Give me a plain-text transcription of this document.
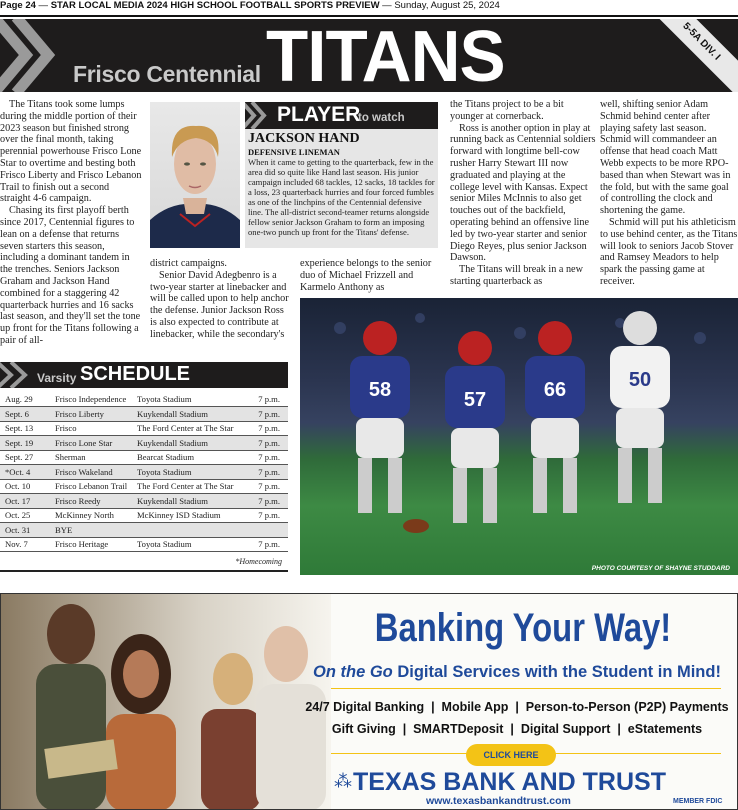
Page 24 — STAR LOCAL MEDIA 2024 HIGH SCHOOL FOOTBALL SPORTS PREVIEW — Sunday, August 25, 2024
Frisco Centennial TITANS	5-5A DIV. I

The Titans took some lumps during the middle portion of their 2023 season but finished strong over the final month, taking perennial powerhouse Frisco Lone Star to overtime and besting both Frisco Liberty and Frisco Lebanon Trail to finish out a second straight 4-6 campaign.

Chasing its first playoff berth since 2017, Centennial figures to lean on a defense that returns seven starters this season, including a dominant tandem in the trenches. Seniors Jackson Graham and Jackson Hand combined for a staggering 42 quarterback hurries and 16 sacks last season, and they'll set the tone up front for the Titans following a pair of all-

PLAYER
to watch
JACKSON HAND
DEFENSIVE LINEMAN
When it came to getting to the quarterback, few in the area did so quite like Hand last season. His junior campaign included 68 tackles, 12 sacks, 18 tackles for a loss, 23 quarterback hurries and four forced fumbles as one of the linchpins of the Centennial defensive line. The all-district second-teamer returns alongside fellow senior Jackson Graham to form an imposing one-two punch up front for the Titans' defense.

district campaigns.

Senior David Adegbenro is a two-year starter at linebacker and will be called upon to help anchor the defense. Junior Jackson Ross is also expected to contribute at linebacker, while the secondary's

experience belongs to the senior duo of Michael Frizzell and Karmelo Anthony as

the Titans project to be a bit younger at cornerback.

Ross is another option in play at running back as Centennial soldiers forward with longtime bell-cow rusher Harry Stewart III now graduated and playing at the college level with Kansas. Expect senior Miles McInnis to also get touches out of the backfield, operating behind an offensive line led by two-year starter and senior Diego Reyes, plus senior Jackson Dawson.

The Titans will break in a new starting quarterback as

well, shifting senior Adam Schmid behind center after playing safety last season. Schmid will commandeer an offense that head coach Matt Webb expects to be more RPO-based than when Stewart was in the fold, but with the same goal of controlling the clock and shortening the game.

Schmid will put his athleticism to use behind center, as the Titans will look to seniors Jacob Stover and Ramsey Meadors to help spark the passing game at receiver.

58	57	66	50
PHOTO COURTESY OF SHAYNE STUDDARD
Varsity SCHEDULE
Aug. 29	Frisco Independence	Toyota Stadium	7 p.m.
Sept. 6	Frisco Liberty	Kuykendall Stadium	7 p.m.
Sept. 13	Frisco	The Ford Center at The Star	7 p.m.
Sept. 19	Frisco Lone Star	Kuykendall Stadium	7 p.m.
Sept. 27	Sherman	Bearcat Stadium	7 p.m.
*Oct. 4	Frisco Wakeland	Toyota Stadium	7 p.m.
Oct. 10	Frisco Lebanon Trail	The Ford Center at The Star	7 p.m.
Oct. 17	Frisco Reedy	Kuykendall Stadium	7 p.m.
Oct. 25	McKinney North	McKinney ISD Stadium	7 p.m.
Oct. 31	BYE		
Nov. 7	Frisco Heritage	Toyota Stadium	7 p.m.
*Homecoming
Banking Your Way!
On the Go Digital Services with the Student in Mind!
24/7 Digital Banking  |  Mobile App  |  Person-to-Person (P2P) Payments
Gift Giving  |  SMARTDeposit  |  Digital Support  |  eStatements
CLICK HERE
⁂ TEXAS BANK AND TRUST
www.texasbankandtrust.com	MEMBER FDIC
